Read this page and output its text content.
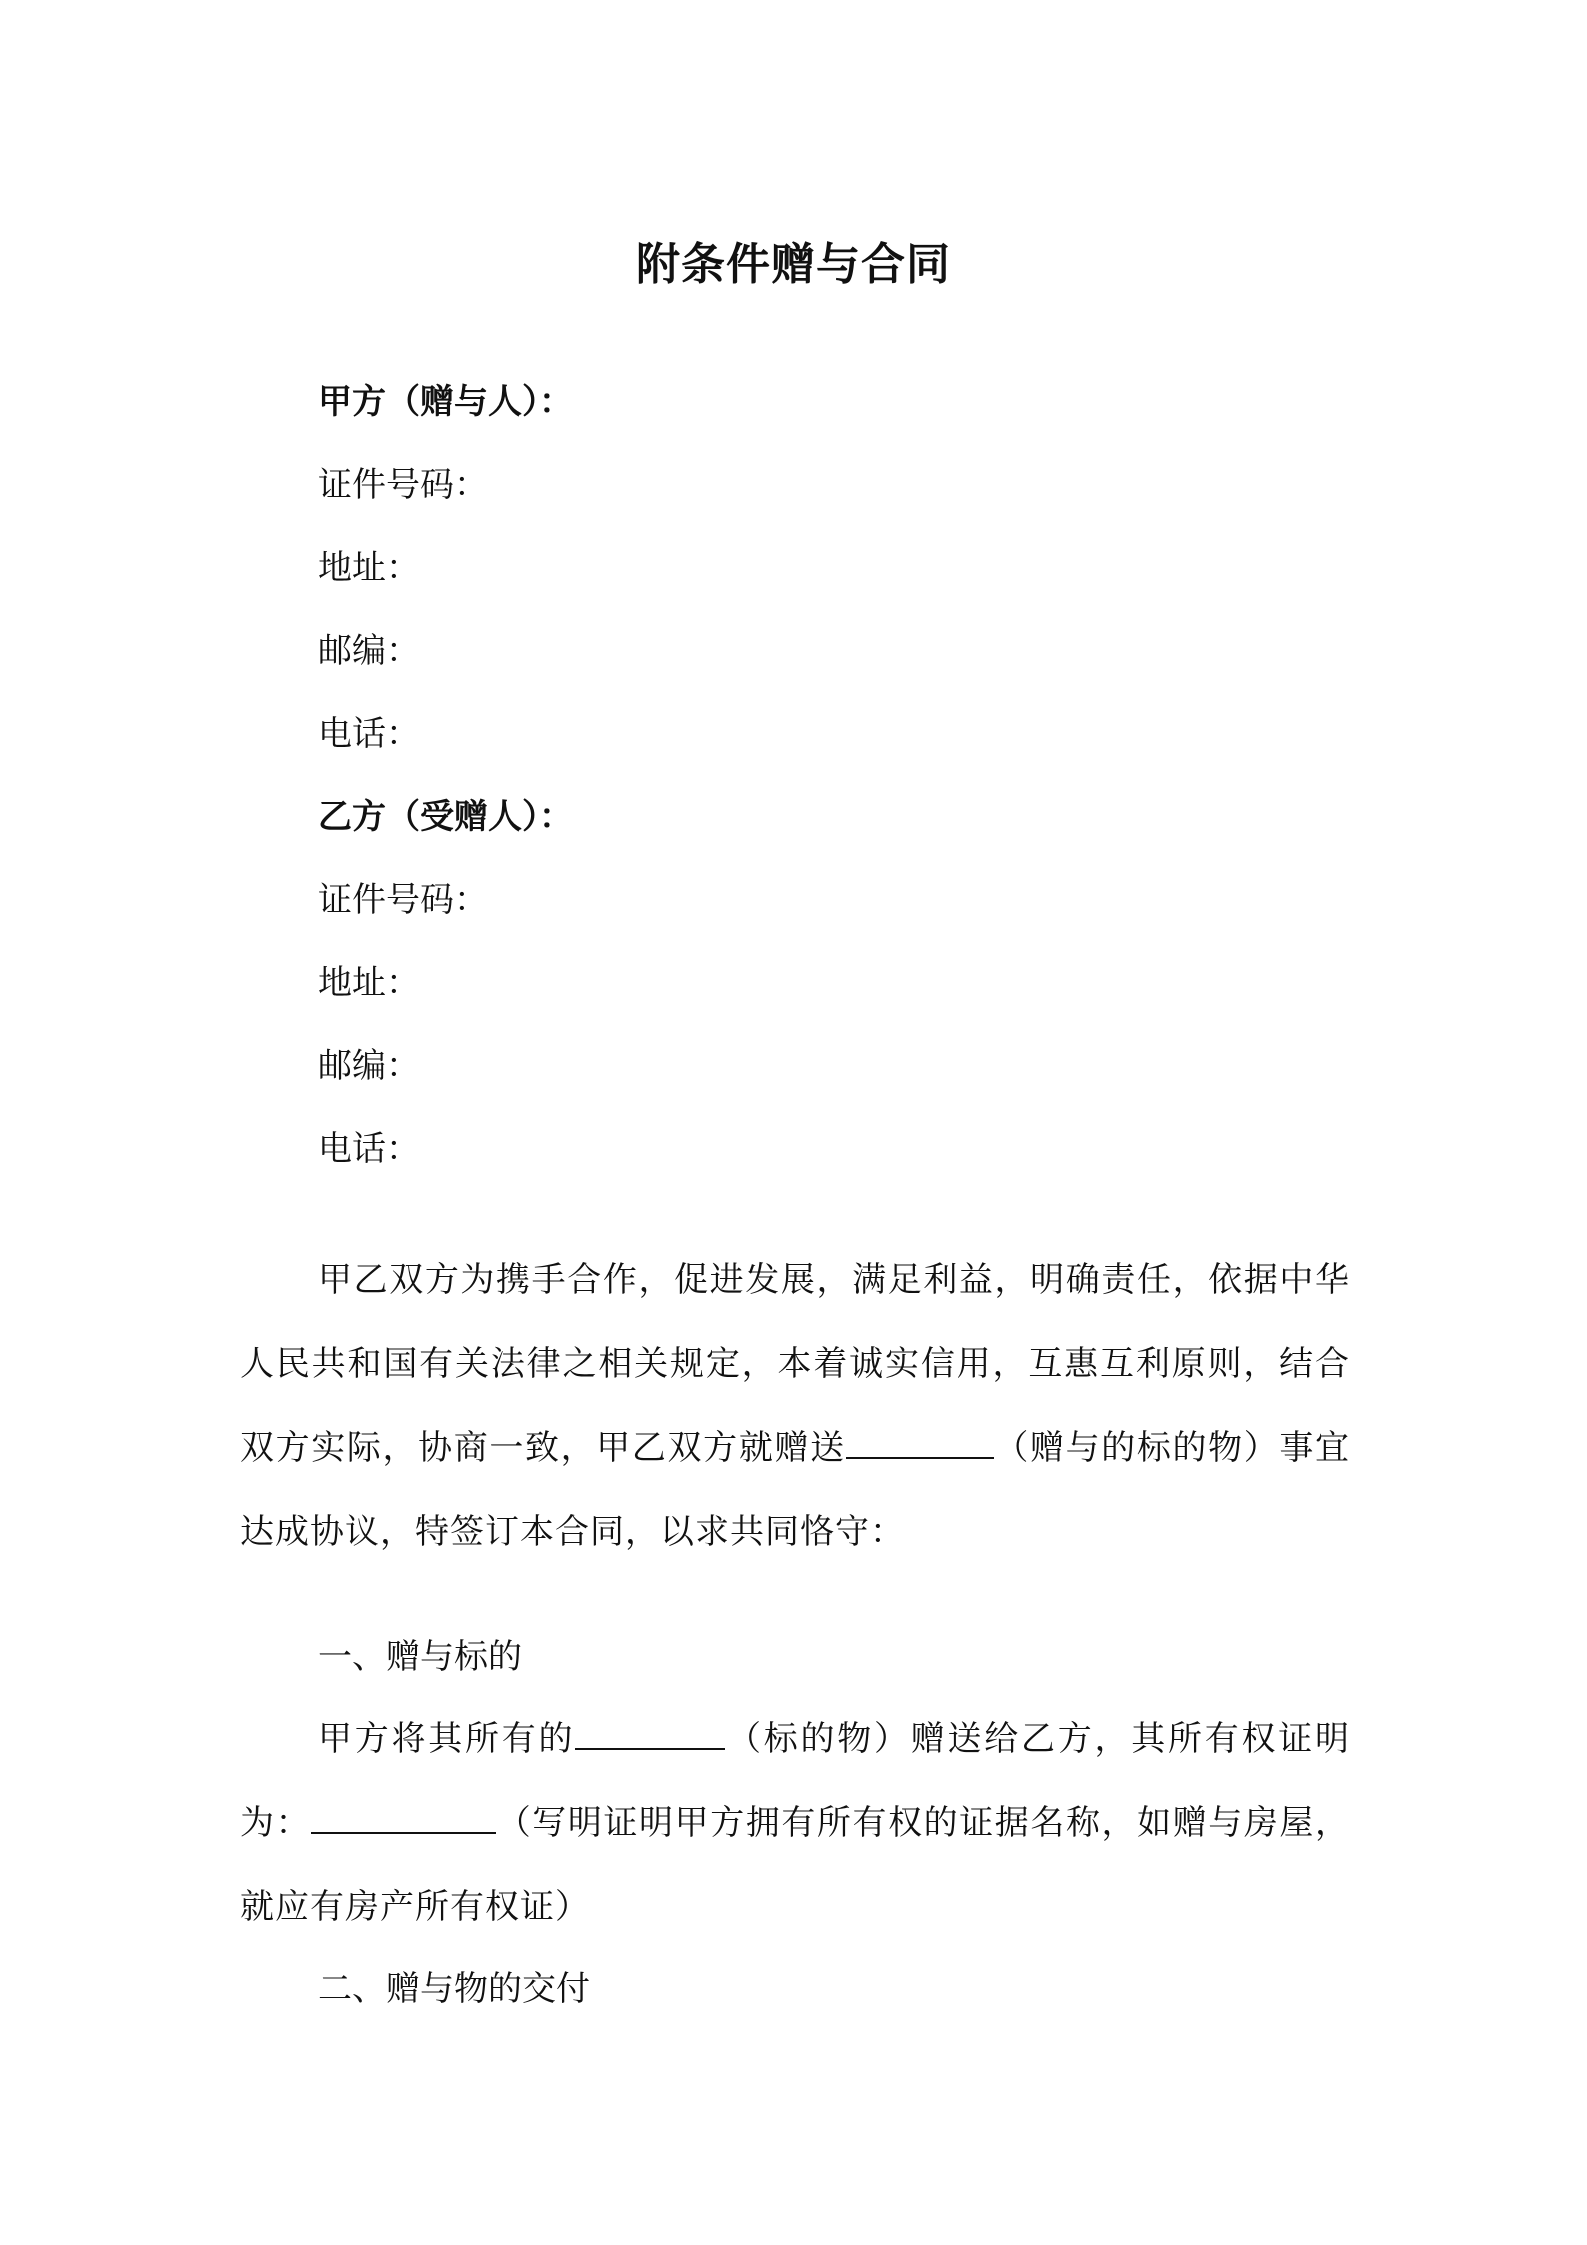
附条件赠与合同
甲方（赠与人）：
证件号码：
地址：
邮编：
电话：
乙方（受赠人）：
证件号码：
地址：
邮编：
电话：
甲乙双方为携手合作，促进发展，满足利益，明确责任，依据中华人民共和国有关法律之相关规定，本着诚实信用，互惠互利原则，结合双方实际，协商一致，甲乙双方就赠送	（赠与的标的物）事宜达成协议，特签订本合同，以求共同恪守：
一、赠与标的
甲方将其所有的	（标的物）赠送给乙方，其所有权证明为：	（写明证明甲方拥有所有权的证据名称，如赠与房屋，就应有房产所有权证）
二、赠与物的交付
